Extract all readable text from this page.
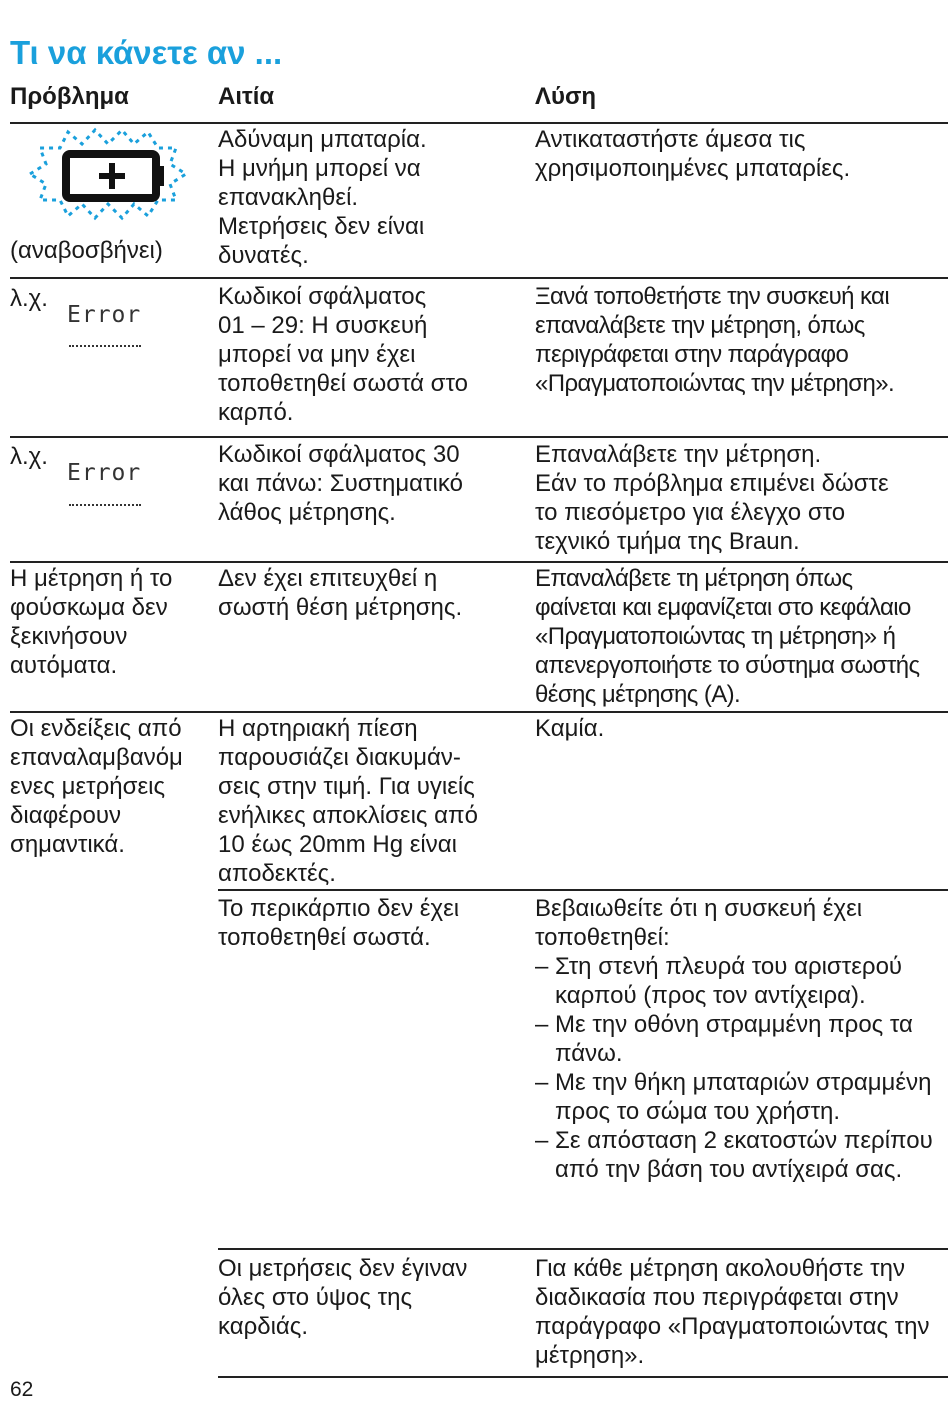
Τι να κάνετε αν ...
Πρόβλημα	Αιτία	Λύση
(αναβοσβήνει)
Αδύναμη μπαταρία.
Η μνήμη μπορεί να
επανακληθεί.
Μετρήσεις δεν είναι
δυνατές.
Αντικαταστήστε άμεσα τις
χρησιμοποιημένες μπαταρίες.
λ.χ.
Error
Κωδικοί σφάλματος
01 – 29: Η συσκευή
μπορεί να μην έχει
τοποθετηθεί σωστά στο
καρπό.
Ξανά τοποθετήστε την συσκευή και επαναλάβετε την μέτρηση, όπως περιγράφεται στην παράγραφο «Πραγματοποιώντας την μέτρηση».
λ.χ.
Error
Κωδικοί σφάλματος 30
και πάνω: Συστηματικό
λάθος μέτρησης.
Επαναλάβετε την μέτρηση.
Εάν το πρόβλημα επιμένει δώστε
το πιεσόμετρο για έλεγχο στο
τεχνικό τμήμα της Braun.
Η μέτρηση ή το
φούσκωμα δεν
ξεκινήσουν
αυτόματα.
Δεν έχει επιτευχθεί η
σωστή θέση μέτρησης.
Επαναλάβετε τη μέτρηση όπως φαίνεται και εμφανίζεται στο κεφάλαιο «Πραγματοποιώντας τη μέτρηση» ή απενεργοποιήστε το σύστημα σωστής θέσης μέτρησης (A).
Οι ενδείξεις από
επαναλαμβανόμ
ενες μετρήσεις
διαφέρουν
σημαντικά.
Η αρτηριακή πίεση
παρουσιάζει διακυμάν-
σεις στην τιμή. Για υγιείς
ενήλικες αποκλίσεις από
10 έως 20mm Hg είναι
αποδεκτές.
Καμία.
Το περικάρπιο δεν έχει
τοποθετηθεί σωστά.

Βεβαιωθείτε ότι η συσκευή έχει τοποθετηθεί:

– Στη στενή πλευρά του αριστερού καρπού (προς τον αντίχειρα).

– Με την οθόνη στραμμένη προς τα πάνω.

– Με την θήκη μπαταριών στραμμένη προς το σώμα του χρήστη.

– Σε απόσταση 2 εκατοστών περίπου από την βάση του αντίχειρά σας.

Οι μετρήσεις δεν έγιναν
όλες στο ύψος της
καρδιάς.
Για κάθε μέτρηση ακολουθήστε την διαδικασία που περιγράφεται στην παράγραφο «Πραγματοποιώντας την μέτρηση».
62
